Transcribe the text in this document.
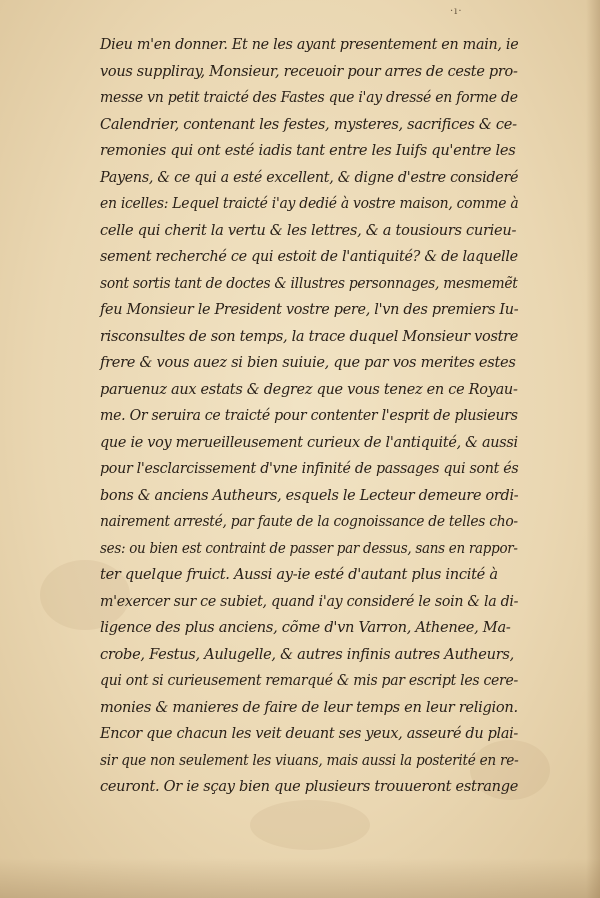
·ı·
Dieu m'en donner. Et ne les ayant presentement en main, ie
vous suppliray, Monsieur, receuoir pour arres de ceste pro-
messe vn petit traicté des Fastes que i'ay dressé en forme de
Calendrier, contenant les festes, mysteres, sacrifices & ce-
remonies qui ont esté iadis tant entre les Iuifs qu'entre les
Payens, & ce qui a esté excellent, & digne d'estre consideré
en icelles: Lequel traicté i'ay dedié à vostre maison, comme à
celle qui cherit la vertu & les lettres, & a tousiours curieu-
sement recherché ce qui estoit de l'antiquité? & de laquelle
sont sortis tant de doctes & illustres personnages, mesmemẽt
feu Monsieur le President vostre pere, l'vn des premiers Iu-
risconsultes de son temps, la trace duquel Monsieur vostre
frere & vous auez si bien suiuie, que par vos merites estes
paruenuz aux estats & degrez que vous tenez en ce Royau-
me. Or seruira ce traicté pour contenter l'esprit de plusieurs
que ie voy merueilleusement curieux de l'antiquité, & aussi
pour l'esclarcissement d'vne infinité de passages qui sont és
bons & anciens Autheurs, esquels le Lecteur demeure ordi-
nairement arresté, par faute de la cognoissance de telles cho-
ses: ou bien est contraint de passer par dessus, sans en rappor-
ter quelque fruict. Aussi ay-ie esté d'autant plus incité à
m'exercer sur ce subiet, quand i'ay consideré le soin & la di-
ligence des plus anciens, cõme d'vn Varron, Athenee, Ma-
crobe, Festus, Aulugelle, & autres infinis autres Autheurs,
qui ont si curieusement remarqué & mis par escript les cere-
monies & manieres de faire de leur temps en leur religion.
Encor que chacun les veit deuant ses yeux, asseuré du plai-
sir que non seulement les viuans, mais aussi la posterité en re-
ceuront. Or ie sçay bien que plusieurs trouueront estrange
